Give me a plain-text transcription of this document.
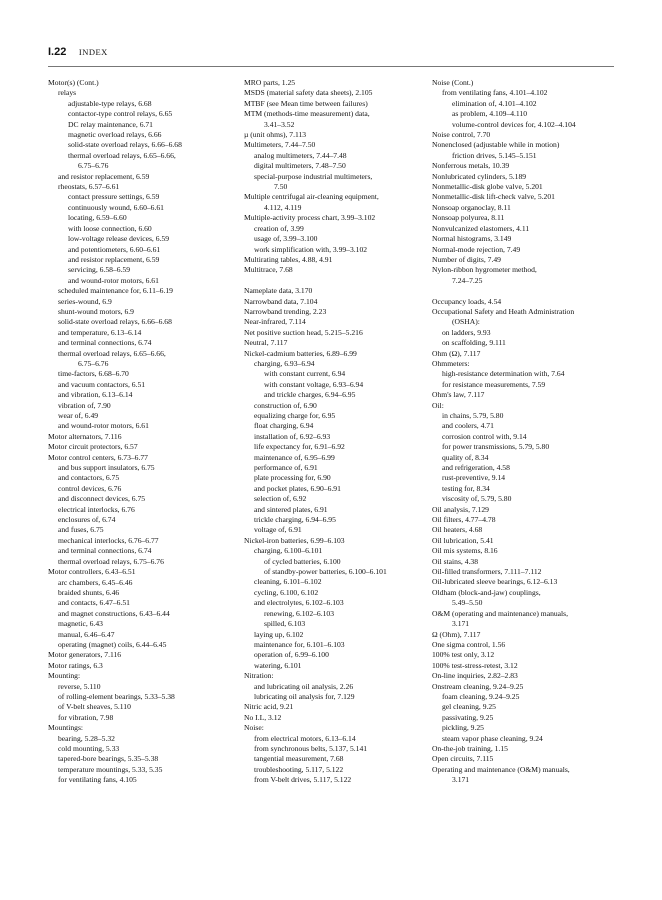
I.22 INDEX
Motor(s) (Cont.)
relays
adjustable-type relays, 6.68
contactor-type control relays, 6.65
DC relay maintenance, 6.71
magnetic overload relays, 6.66
solid-state overload relays, 6.66–6.68
thermal overload relays, 6.65–6.66,
6.75–6.76
and resistor replacement, 6.59
rheostats, 6.57–6.61
contact pressure settings, 6.59
continuously wound, 6.60–6.61
locating, 6.59–6.60
with loose connection, 6.60
low-voltage release devices, 6.59
and potentiometers, 6.60–6.61
and resistor replacement, 6.59
servicing, 6.58–6.59
and wound-rotor motors, 6.61
scheduled maintenance for, 6.11–6.19
series-wound, 6.9
shunt-wound motors, 6.9
solid-state overload relays, 6.66–6.68
and temperature, 6.13–6.14
and terminal connections, 6.74
thermal overload relays, 6.65–6.66,
6.75–6.76
time-factors, 6.68–6.70
and vacuum contactors, 6.51
and vibration, 6.13–6.14
vibration of, 7.90
wear of, 6.49
and wound-rotor motors, 6.61
Motor alternators, 7.116
Motor circuit protectors, 6.57
Motor control centers, 6.73–6.77
and bus support insulators, 6.75
and contactors, 6.75
control devices, 6.76
and disconnect devices, 6.75
electrical interlocks, 6.76
enclosures of, 6.74
and fuses, 6.75
mechanical interlocks, 6.76–6.77
and terminal connections, 6.74
thermal overload relays, 6.75–6.76
Motor controllers, 6.43–6.51
arc chambers, 6.45–6.46
braided shunts, 6.46
and contacts, 6.47–6.51
and magnet constructions, 6.43–6.44
magnetic, 6.43
manual, 6.46–6.47
operating (magnet) coils, 6.44–6.45
Motor generators, 7.116
Motor ratings, 6.3
Mounting:
reverse, 5.110
of rolling-element bearings, 5.33–5.38
of V-belt sheaves, 5.110
for vibration, 7.98
Mountings:
bearing, 5.28–5.32
cold mounting, 5.33
tapered-bore bearings, 5.35–5.38
temperature mountings, 5.33, 5.35
for ventilating fans, 4.105
MRO parts, 1.25
MSDS (material safety data sheets), 2.105
MTBF (see Mean time between failures)
MTM (methods-time measurement) data,
3.41–3.52
µ (unit ohms), 7.113
Multimeters, 7.44–7.50
analog multimeters, 7.44–7.48
digital multimeters, 7.48–7.50
special-purpose industrial multimeters,
7.50
Multiple centrifugal air-cleaning equipment,
4.112, 4.119
Multiple-activity process chart, 3.99–3.102
creation of, 3.99
usage of, 3.99–3.100
work simplification with, 3.99–3.102
Multirating tables, 4.88, 4.91
Multitrace, 7.68
Nameplate data, 3.170
Narrowband data, 7.104
Narrowband trending, 2.23
Near-infrared, 7.114
Net positive suction head, 5.215–5.216
Neutral, 7.117
Nickel-cadmium batteries, 6.89–6.99
charging, 6.93–6.94
with constant current, 6.94
with constant voltage, 6.93–6.94
and trickle charges, 6.94–6.95
construction of, 6.90
equalizing charge for, 6.95
float charging, 6.94
installation of, 6.92–6.93
life expectancy for, 6.91–6.92
maintenance of, 6.95–6.99
performance of, 6.91
plate processing for, 6.90
and pocket plates, 6.90–6.91
selection of, 6.92
and sintered plates, 6.91
trickle charging, 6.94–6.95
voltage of, 6.91
Nickel-iron batteries, 6.99–6.103
charging, 6.100–6.101
of cycled batteries, 6.100
of standby-power batteries, 6.100–6.101
cleaning, 6.101–6.102
cycling, 6.100, 6.102
and electrolytes, 6.102–6.103
renewing, 6.102–6.103
spilled, 6.103
laying up, 6.102
maintenance for, 6.101–6.103
operation of, 6.99–6.100
watering, 6.101
Nitration:
and lubricating oil analysis, 2.26
lubricating oil analysis for, 7.129
Nitric acid, 9.21
No I.L, 3.12
Noise:
from electrical motors, 6.13–6.14
from synchronous belts, 5.137, 5.141
tangential measurement, 7.68
troubleshooting, 5.117, 5.122
from V-belt drives, 5.117, 5.122
Noise (Cont.)
from ventilating fans, 4.101–4.102
elimination of, 4.101–4.102
as problem, 4.109–4.110
volume-control devices for, 4.102–4.104
Noise control, 7.70
Nonenclosed (adjustable while in motion)
friction drives, 5.145–5.151
Nonferrous metals, 10.39
Nonlubricated cylinders, 5.189
Nonmetallic-disk globe valve, 5.201
Nonmetallic-disk lift-check valve, 5.201
Nonsoap organoclay, 8.11
Nonsoap polyurea, 8.11
Nonvulcanized elastomers, 4.11
Normal histograms, 3.149
Normal-mode rejection, 7.49
Number of digits, 7.49
Nylon-ribbon hygrometer method,
7.24–7.25
Occupancy loads, 4.54
Occupational Safety and Heath Administration
(OSHA):
on ladders, 9.93
on scaffolding, 9.111
Ohm (Ω), 7.117
Ohmmeters:
high-resistance determination with, 7.64
for resistance measurements, 7.59
Ohm's law, 7.117
Oil:
in chains, 5.79, 5.80
and coolers, 4.71
corrosion control with, 9.14
for power transmissions, 5.79, 5.80
quality of, 8.34
and refrigeration, 4.58
rust-preventive, 9.14
testing for, 8.34
viscosity of, 5.79, 5.80
Oil analysis, 7.129
Oil filters, 4.77–4.78
Oil heaters, 4.68
Oil lubrication, 5.41
Oil mis systems, 8.16
Oil stains, 4.38
Oil-filled transformers, 7.111–7.112
Oil-lubricated sleeve bearings, 6.12–6.13
Oldham (block-and-jaw) couplings,
5.49–5.50
O&M (operating and maintenance) manuals,
3.171
Ω (Ohm), 7.117
One sigma control, 1.56
100% test only, 3.12
100% test-stress-retest, 3.12
On-line inquiries, 2.82–2.83
Onstream cleaning, 9.24–9.25
foam cleaning, 9.24–9.25
gel cleaning, 9.25
passivating, 9.25
pickling, 9.25
steam vapor phase cleaning, 9.24
On-the-job training, 1.15
Open circuits, 7.115
Operating and maintenance (O&M) manuals,
3.171
